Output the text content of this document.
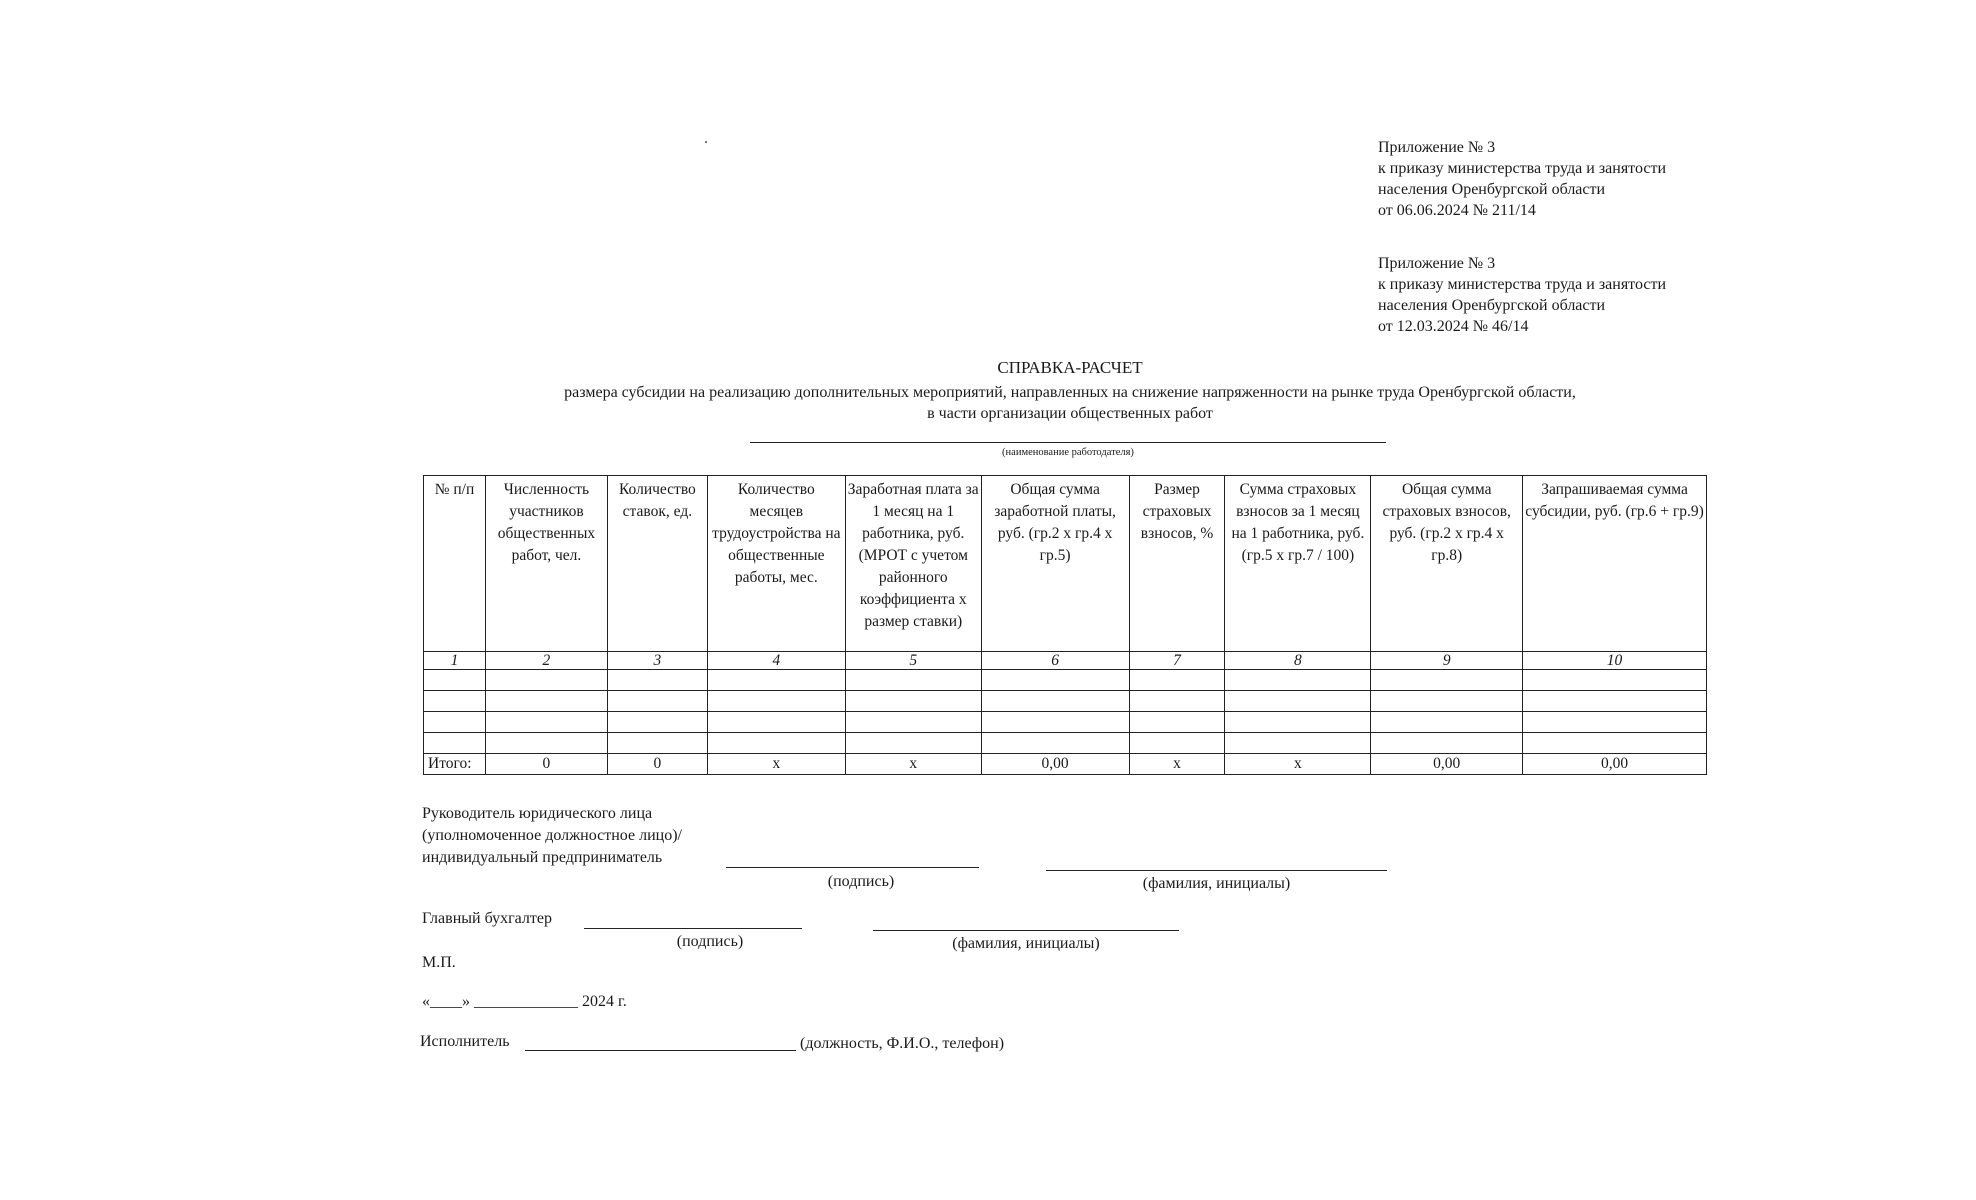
Приложение № 3
к приказу министерства труда и занятости
населения Оренбургской области
от 06.06.2024 № 211/14
Приложение № 3
к приказу министерства труда и занятости
населения Оренбургской области
от 12.03.2024 № 46/14
СПРАВКА-РАСЧЕТ
размера субсидии на реализацию дополнительных мероприятий, направленных на снижение напряженности на рынке труда Оренбургской области,
в части организации общественных работ
(наименование работодателя)
№ п/п	Численность участников общественных работ, чел.	Количество ставок, ед.	Количество месяцев трудоустройства на общественные работы, мес.	Заработная плата за 1 месяц на 1 работника, руб. (МРОТ с учетом районного коэффициента х размер ставки)	Общая сумма заработной платы, руб. (гр.2 х гр.4 х гр.5)	Размер страховых взносов, %	Сумма страховых взносов за 1 месяц на 1 работника, руб. (гр.5 х гр.7 / 100)	Общая сумма страховых взносов, руб. (гр.2 х гр.4 х гр.8)	Запрашиваемая сумма субсидии, руб. (гр.6 + гр.9)
1	2	3	4	5	6	7	8	9	10

Итого:	0	0	х	х	0,00	х	х	0,00	0,00
Руководитель юридического лица
(уполномоченное должностное лицо)/
индивидуальный предприниматель
(подпись)	(фамилия, инициалы)
Главный бухгалтер
(подпись)	(фамилия, инициалы)
М.П.
«____» _____________ 2024 г.
Исполнитель	(должность, Ф.И.О., телефон)
